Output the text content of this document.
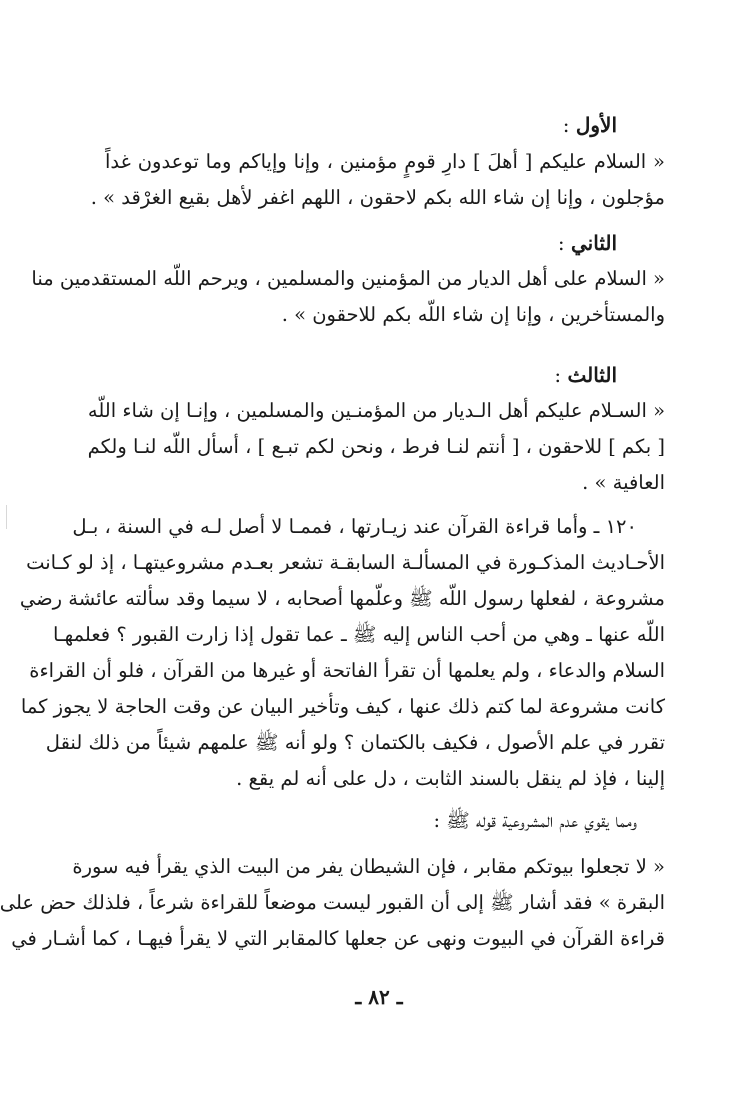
الأول :
« السلام عليكم [ أهلَ ] دارِ قومٍ مؤمنين ، وإنا وإياكم وما توعدون غداً
مؤجلون ، وإنا إن شاء الله بكم لاحقون ، اللهم اغفر لأهل بقيع الغرْقد » .
الثاني :
« السلام على أهل الديار من المؤمنين والمسلمين ، ويرحم اللّه المستقدمين منا
والمستأخرين ، وإنا إن شاء اللّه بكم للاحقون » .
الثالث :
« السـلام عليكم أهل الـديار من المؤمنـين والمسلمين ، وإنـا إن شاء اللّه
[ بكم ] للاحقون ، [ أنتم لنـا فرط ، ونحن لكم تبـع ] ، أسأل اللّه لنـا ولكم
العافية » .
١٢٠ ـ وأما قراءة القرآن عند زيـارتها ، فممـا لا أصل لـه في السنة ، بـل
الأحـاديث المذكـورة في المسألـة السابقـة تشعر بعـدم مشروعيتهـا ، إذ لو كـانت
مشروعة ، لفعلها رسول اللّه ﷺ وعلّمها أصحابه ، لا سيما وقد سألته عائشة رضي
اللّه عنها ـ وهي من أحب الناس إليه ﷺ ـ عما تقول إذا زارت القبور ؟ فعلمهـا
السلام والدعاء ، ولم يعلمها أن تقرأ الفاتحة أو غيرها من القرآن ، فلو أن القراءة
كانت مشروعة لما كتم ذلك عنها ، كيف وتأخير البيان عن وقت الحاجة لا يجوز كما
تقرر في علم الأصول ، فكيف بالكتمان ؟ ولو أنه ﷺ علمهم شيئاً من ذلك لنقل
إلينا ، فإذ لم ينقل بالسند الثابت ، دل على أنه لم يقع .
ومما يقوي عدم المشروعية قوله ﷺ :
« لا تجعلوا بيوتكم مقابر ، فإن الشيطان يفر من البيت الذي يقرأ فيه سورة
البقرة » فقد أشار ﷺ إلى أن القبور ليست موضعاً للقراءة شرعاً ، فلذلك حض على
قراءة القرآن في البيوت ونهى عن جعلها كالمقابر التي لا يقرأ فيهـا ، كما أشـار في
ـ ٨٢ ـ
